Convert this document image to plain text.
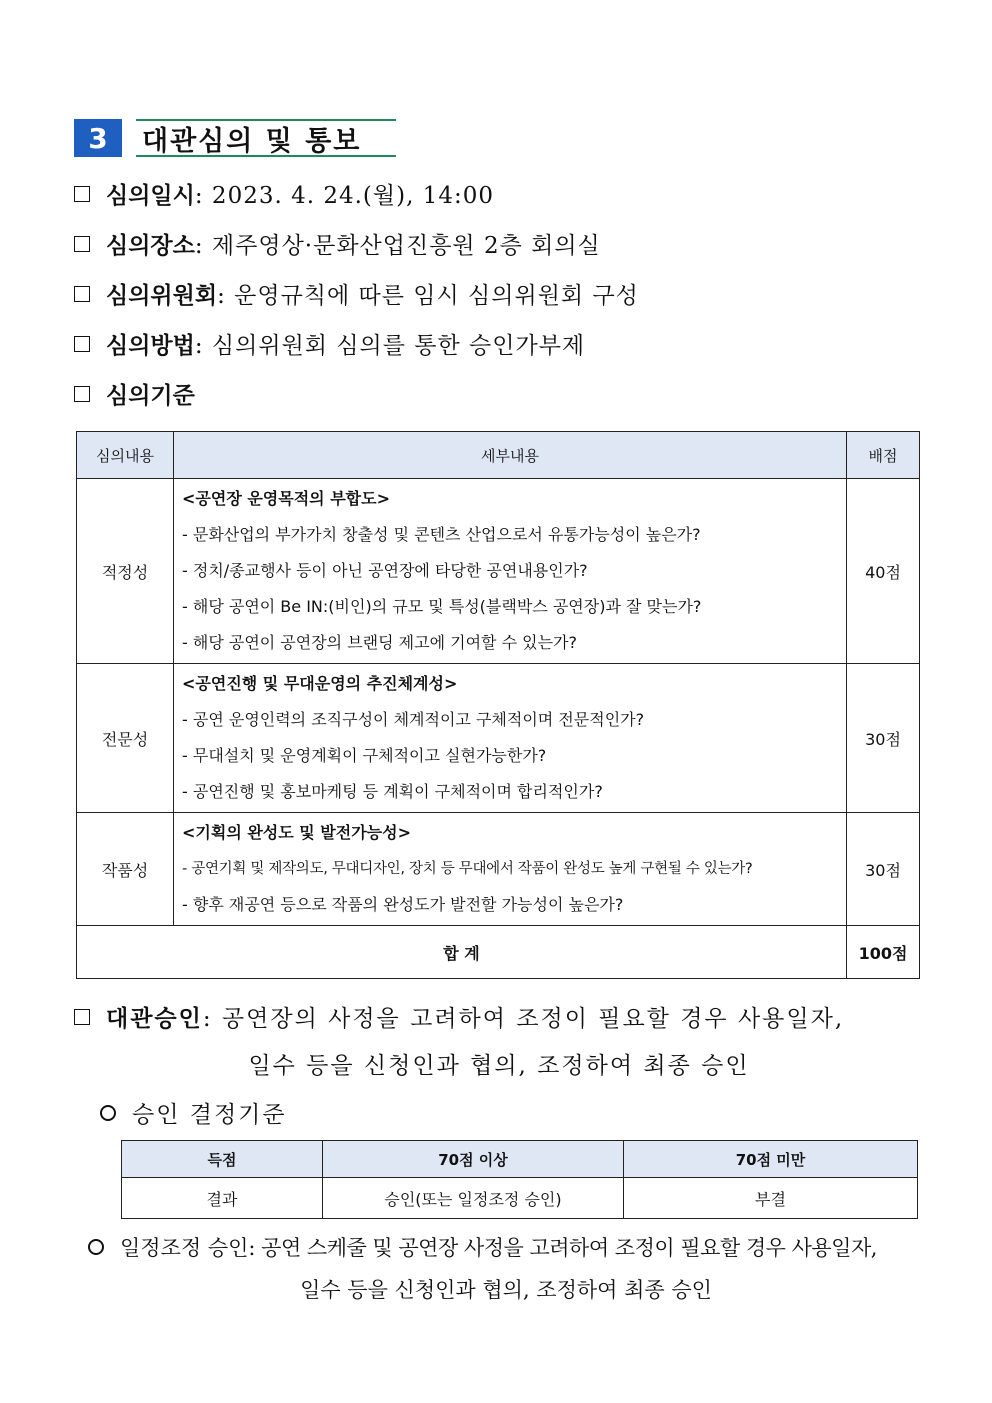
3	대관심의 및 통보
심의일시 : 2023. 4. 24.(월), 14:00
심의장소 : 제주영상·문화산업진흥원 2층 회의실
심의위원회 : 운영규칙에 따른 임시 심의위원회 구성
심의방법 : 심의위원회 심의를 통한 승인가부제
심의기준
심의내용	세부내용	배점
적정성	<공연장 운영목적의 부합도>
- 문화산업의 부가가치 창출성 및 콘텐츠 산업으로서 유통가능성이 높은가?
- 정치/종교행사 등이 아닌 공연장에 타당한 공연내용인가?
- 해당 공연이 Be IN:(비인)의 규모 및 특성(블랙박스 공연장)과 잘 맞는가?
- 해당 공연이 공연장의 브랜딩 제고에 기여할 수 있는가?	40점
전문성	<공연진행 및 무대운영의 추진체계성>
- 공연 운영인력의 조직구성이 체계적이고 구체적이며 전문적인가?
- 무대설치 및 운영계획이 구체적이고 실현가능한가?
- 공연진행 및 홍보마케팅 등 계획이 구체적이며 합리적인가?	30점
작품성	<기획의 완성도 및 발전가능성>
- 공연기획 및 제작의도, 무대디자인, 장치 등 무대에서 작품이 완성도 높게 구현될 수 있는가?
- 향후 재공연 등으로 작품의 완성도가 발전할 가능성이 높은가?	30점
합 계		100점
대관승인 : 공연장의 사정을 고려하여 조정이 필요할 경우 사용일자,
일수 등을 신청인과 협의, 조정하여 최종 승인
승인 결정기준
득점	70점 이상	70점 미만
결과	승인(또는 일정조정 승인)	부결
일정조정 승인 : 공연 스케줄 및 공연장 사정을 고려하여 조정이 필요할 경우 사용일자,
일수 등을 신청인과 협의, 조정하여 최종 승인
